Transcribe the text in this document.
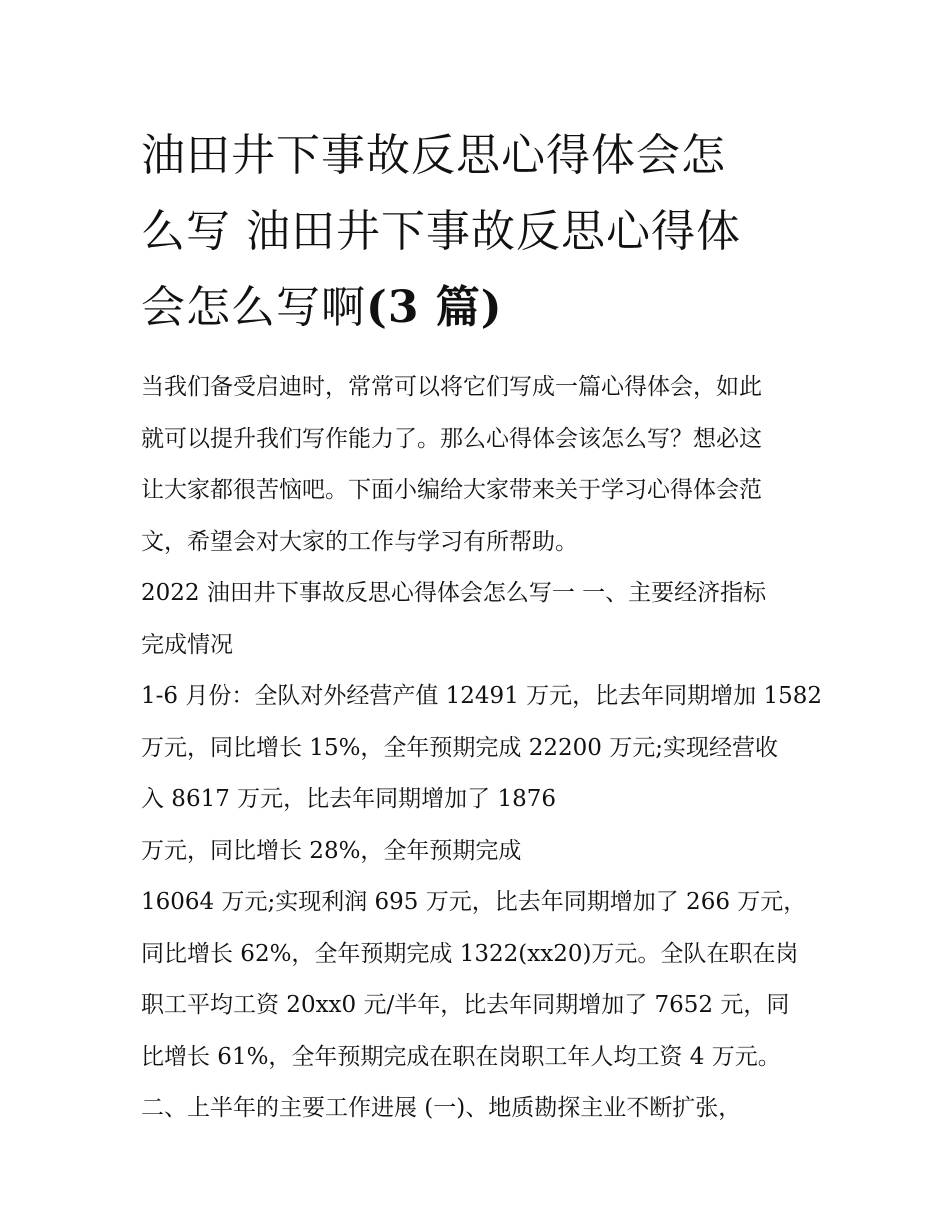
油田井下事故反思心得体会怎
么写 油田井下事故反思心得体
会怎么写啊(3 篇)

当我们备受启迪时，常常可以将它们写成一篇心得体会，如此

就可以提升我们写作能力了。那么心得体会该怎么写？想必这

让大家都很苦恼吧。下面小编给大家带来关于学习心得体会范

文，希望会对大家的工作与学习有所帮助。

2022 油田井下事故反思心得体会怎么写一 一、主要经济指标

完成情况

1-6 月份：全队对外经营产值 12491 万元，比去年同期增加 1582

万元，同比增长 15%，全年预期完成 22200 万元;实现经营收

入 8617 万元，比去年同期增加了 1876

万元，同比增长 28%，全年预期完成

16064 万元;实现利润 695 万元，比去年同期增加了 266 万元，

同比增长 62%，全年预期完成 1322(xx20)万元。全队在职在岗

职工平均工资 20xx0 元/半年，比去年同期增加了 7652 元，同

比增长 61%，全年预期完成在职在岗职工年人均工资 4 万元。

二、上半年的主要工作进展 (一)、地质勘探主业不断扩张，
